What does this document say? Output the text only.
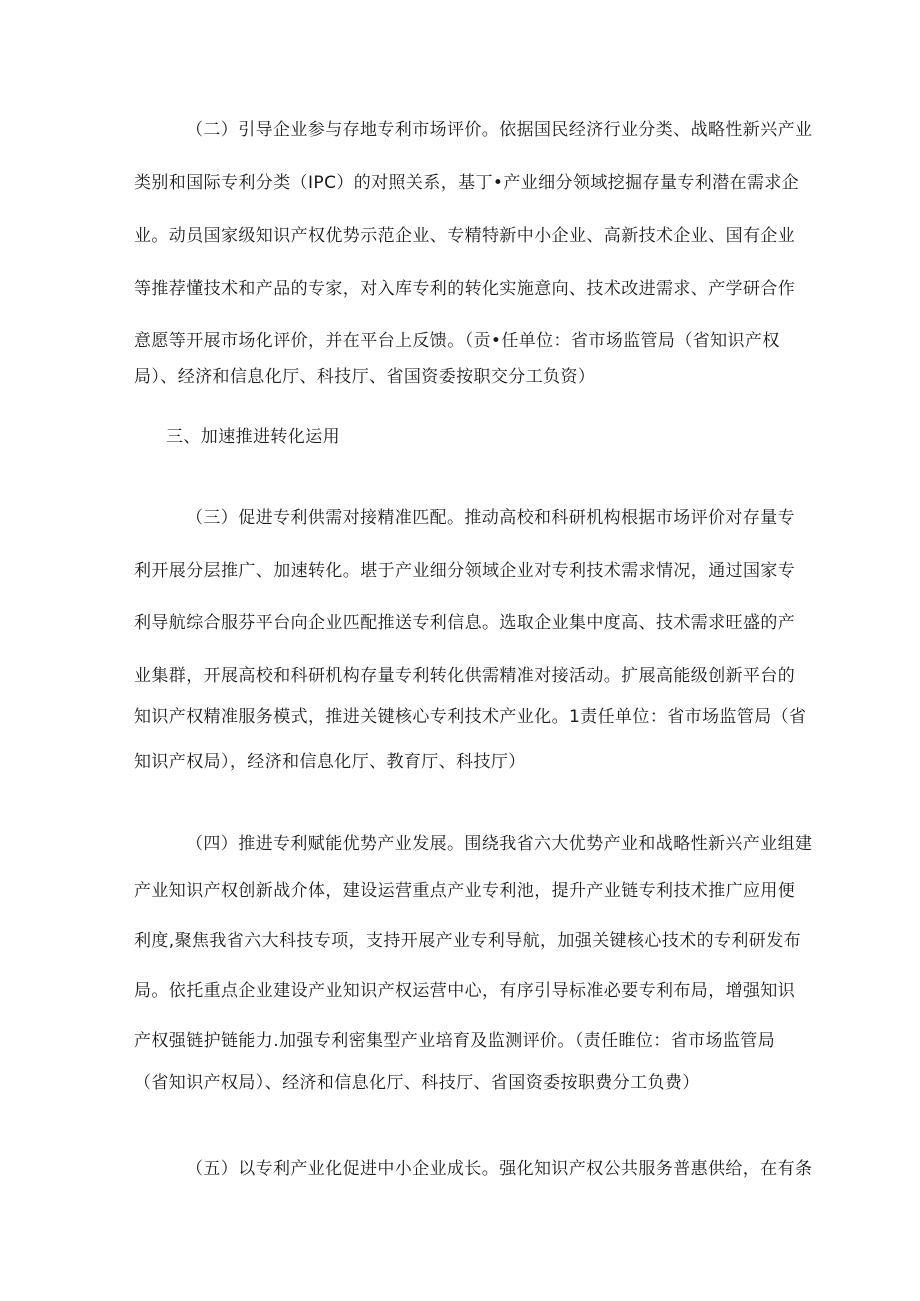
（二）引导企业参与存地专利市场评价。依据国民经济行业分类、战略性新兴产业

类别和国际专利分类（IPC）的对照关系，基丁•产业细分领域挖掘存量专利潜在需求企

业。动员国家级知识产权优势示范企业、专精特新中小企业、高新技术企业、国有企业

等推荐懂技术和产品的专家，对入库专利的转化实施意向、技术改进需求、产学研合作

意愿等开展市场化评价，并在平台上反馈。（贡•任单位：省市场监管局（省知识产权

局）、经济和信息化厅、科技厅、省国资委按职交分工负资）

三、加速推进转化运用

（三）促进专利供需对接精准匹配。推动高校和科研机构根据市场评价对存量专

利开展分层推广、加速转化。堪于产业细分领域企业对专利技术需求情况，通过国家专

利导航综合服芬平台向企业匹配推送专利信息。选取企业集中度高、技术需求旺盛的产

业集群，开展高校和科研机构存量专利转化供需精准对接活动。扩展高能级创新平台的

知识产权精准服务模式，推进关键核心专利技术产业化。1责任单位：省市场监管局（省

知识产权局），经济和信息化厅、教育厅、科技厅）

（四）推进专利赋能优势产业发展。围绕我省六大优势产业和战略性新兴产业组建

产业知识产权创新战介体，建设运营重点产业专利池，提升产业链专利技术推广应用便

利度,聚焦我省六大科技专项，支持开展产业专利导航，加强关键核心技术的专利研发布

局。依托重点企业建设产业知识产权运营中心，有序引导标准必要专利布局，增强知识

产权强链护链能力.加强专利密集型产业培育及监测评价。（责任睢位：省市场监管局

（省知识产权局）、经济和信息化厅、科技厅、省国资委按职费分工负费）

（五）以专利产业化促进中小企业成长。强化知识产权公共服务普惠供给，在有条
